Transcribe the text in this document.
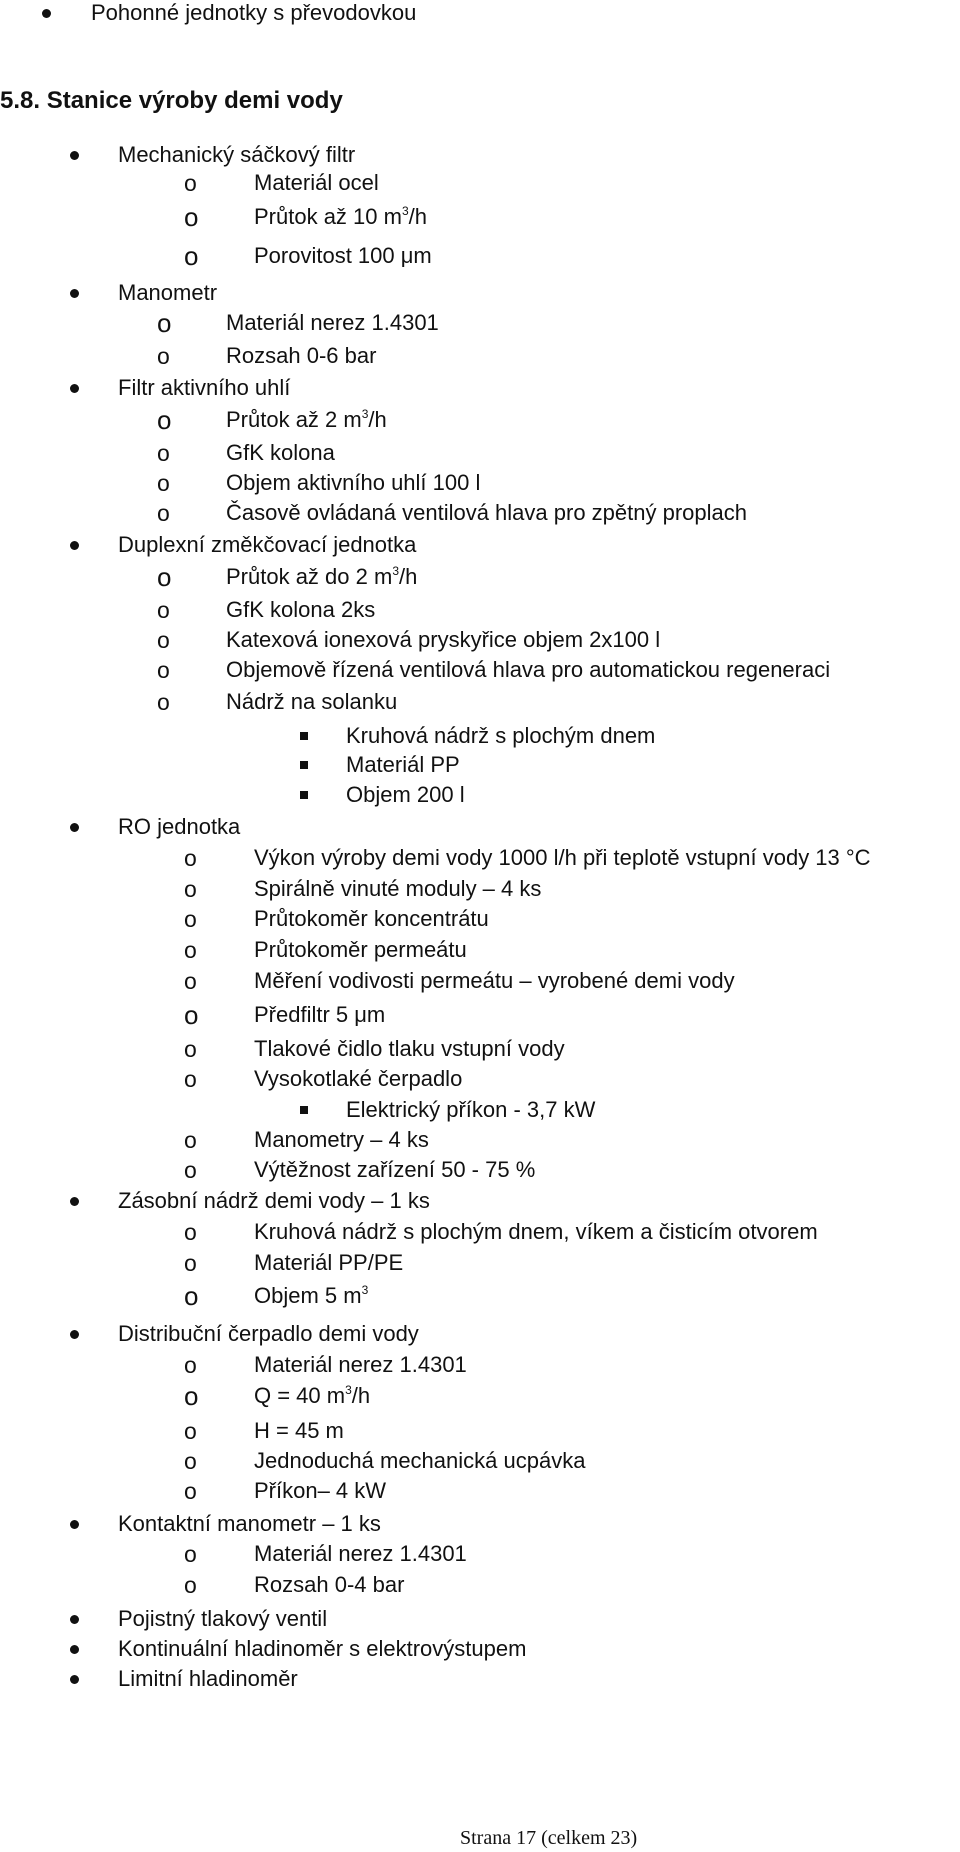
Pohonné jednotky s převodovkou
5.8. Stanice výroby demi vody
Mechanický sáčkový filtr
o	Materiál ocel
o	Průtok až 10 $m^3/h$
o	Porovitost 100 μm
Manometr
o Materiál nerez 1.4301
o	Rozsah 0-6 bar
Filtr aktivního uhlí
o Průtok až 2 $m^3/h$
o	GfK kolona
o	Objem aktivního uhlí 100 l
o	Časově ovládaná ventilová hlava pro zpětný proplach
Duplexní změkčovací jednotka
o Průtok až do 2 $m^3/h$
o	GfK kolona 2ks
o	Katexová ionexová pryskyřice objem 2x100 l
o	Objemově řízená ventilová hlava pro automatickou regeneraci
o	Nádrž na solanku
Kruhová nádrž s plochým dnem
Materiál PP
Objem 200 l
RO jednotka
o	Výkon výroby demi vody 1000 l/h při teplotě vstupní vody 13 °C
o	Spirálně vinuté moduly – 4 ks
o	Průtokoměr koncentrátu
o	Průtokoměr permeátu
o	Měření vodivosti permeátu – vyrobené demi vody
o	Předfiltr 5 μm
o	Tlakové čidlo tlaku vstupní vody
o	Vysokotlaké čerpadlo
Elektrický příkon - 3,7 kW
o	Manometry – 4 ks
o	Výtěžnost zařízení 50 - 75 %
Zásobní nádrž demi vody – 1 ks
o	Kruhová nádrž s plochým dnem, víkem a čisticím otvorem
o	Materiál PP/PE
o	Objem 5 $m^3$
Distribuční čerpadlo demi vody
o	Materiál nerez 1.4301
o	Q = 40 $m^3/h$
o	H = 45 m
o	Jednoduchá mechanická ucpávka
o	Příkon– 4 kW
Kontaktní manometr – 1 ks
o	Materiál nerez 1.4301
o	Rozsah 0-4 bar
Pojistný tlakový ventil
Kontinuální hladinoměr s elektrovýstupem
Limitní hladinoměr
Strana 17 (celkem 23)
